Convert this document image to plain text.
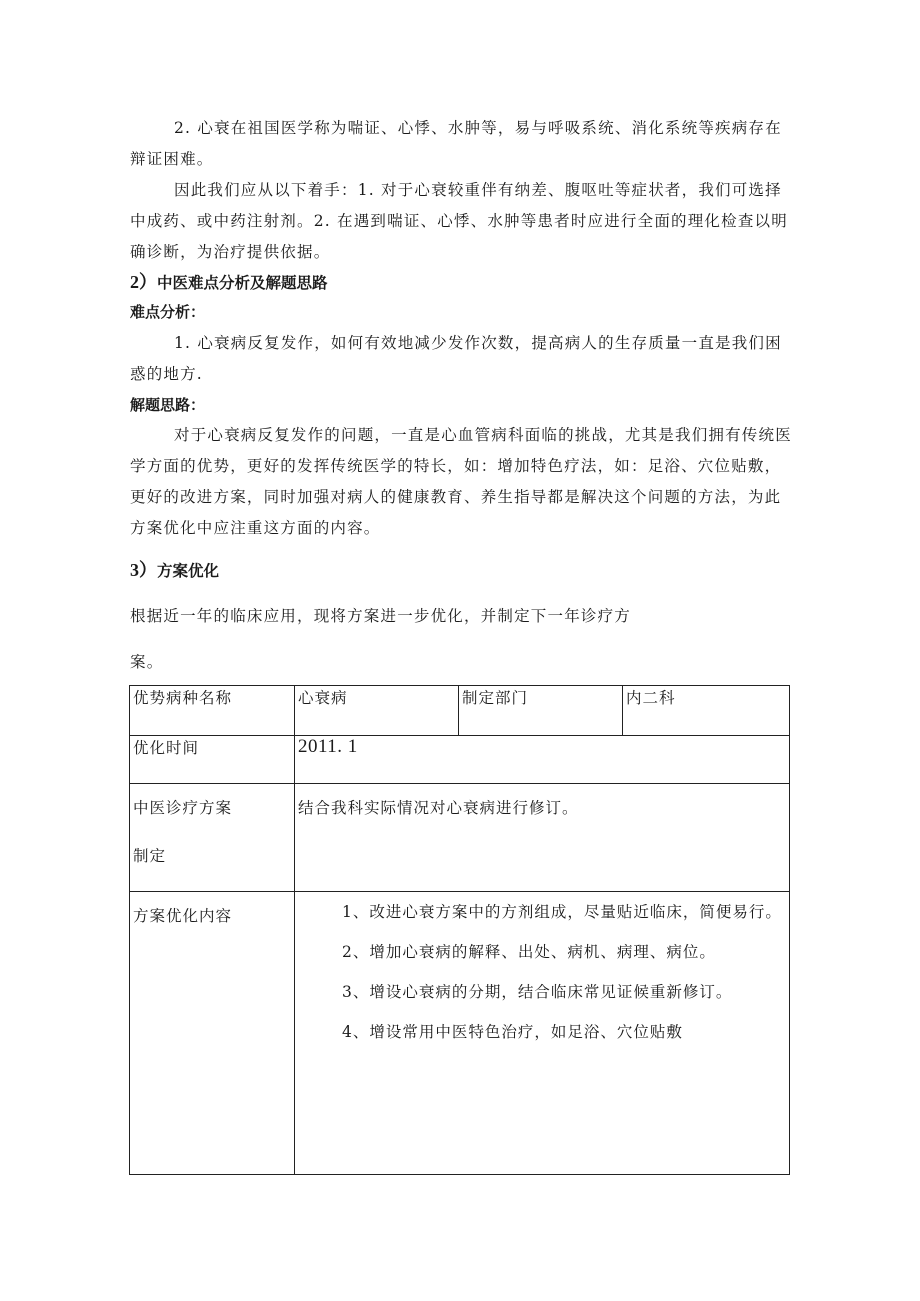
2. 心衰在祖国医学称为喘证、心悸、水肿等，易与呼吸系统、消化系统等疾病存在辩证困难。

因此我们应从以下着手：1. 对于心衰较重伴有纳差、腹呕吐等症状者，我们可选择中成药、或中药注射剂。2. 在遇到喘证、心悸、水肿等患者时应进行全面的理化检查以明确诊断，为治疗提供依据。

2）中医难点分析及解题思路

难点分析：

1. 心衰病反复发作，如何有效地减少发作次数，提高病人的生存质量一直是我们困惑的地方.

解题思路：

对于心衰病反复发作的问题，一直是心血管病科面临的挑战，尤其是我们拥有传统医学方面的优势，更好的发挥传统医学的特长，如：增加特色疗法，如：足浴、穴位贴敷，更好的改进方案，同时加强对病人的健康教育、养生指导都是解决这个问题的方法，为此方案优化中应注重这方面的内容。

3）方案优化

根据近一年的临床应用，现将方案进一步优化，并制定下一年诊疗方

案。

优势病种名称	心衰病	制定部门	内二科
优化时间	2011. 1		

中医诊疗方案
制定	结合我科实际情况对心衰病进行修订。		
方案优化内容	1、改进心衰方案中的方剂组成，尽量贴近临床，简便易行。
2、增加心衰病的解释、出处、病机、病理、病位。
3、增设心衰病的分期，结合临床常见证候重新修订。
4、增设常用中医特色治疗，如足浴、穴位贴敷		
